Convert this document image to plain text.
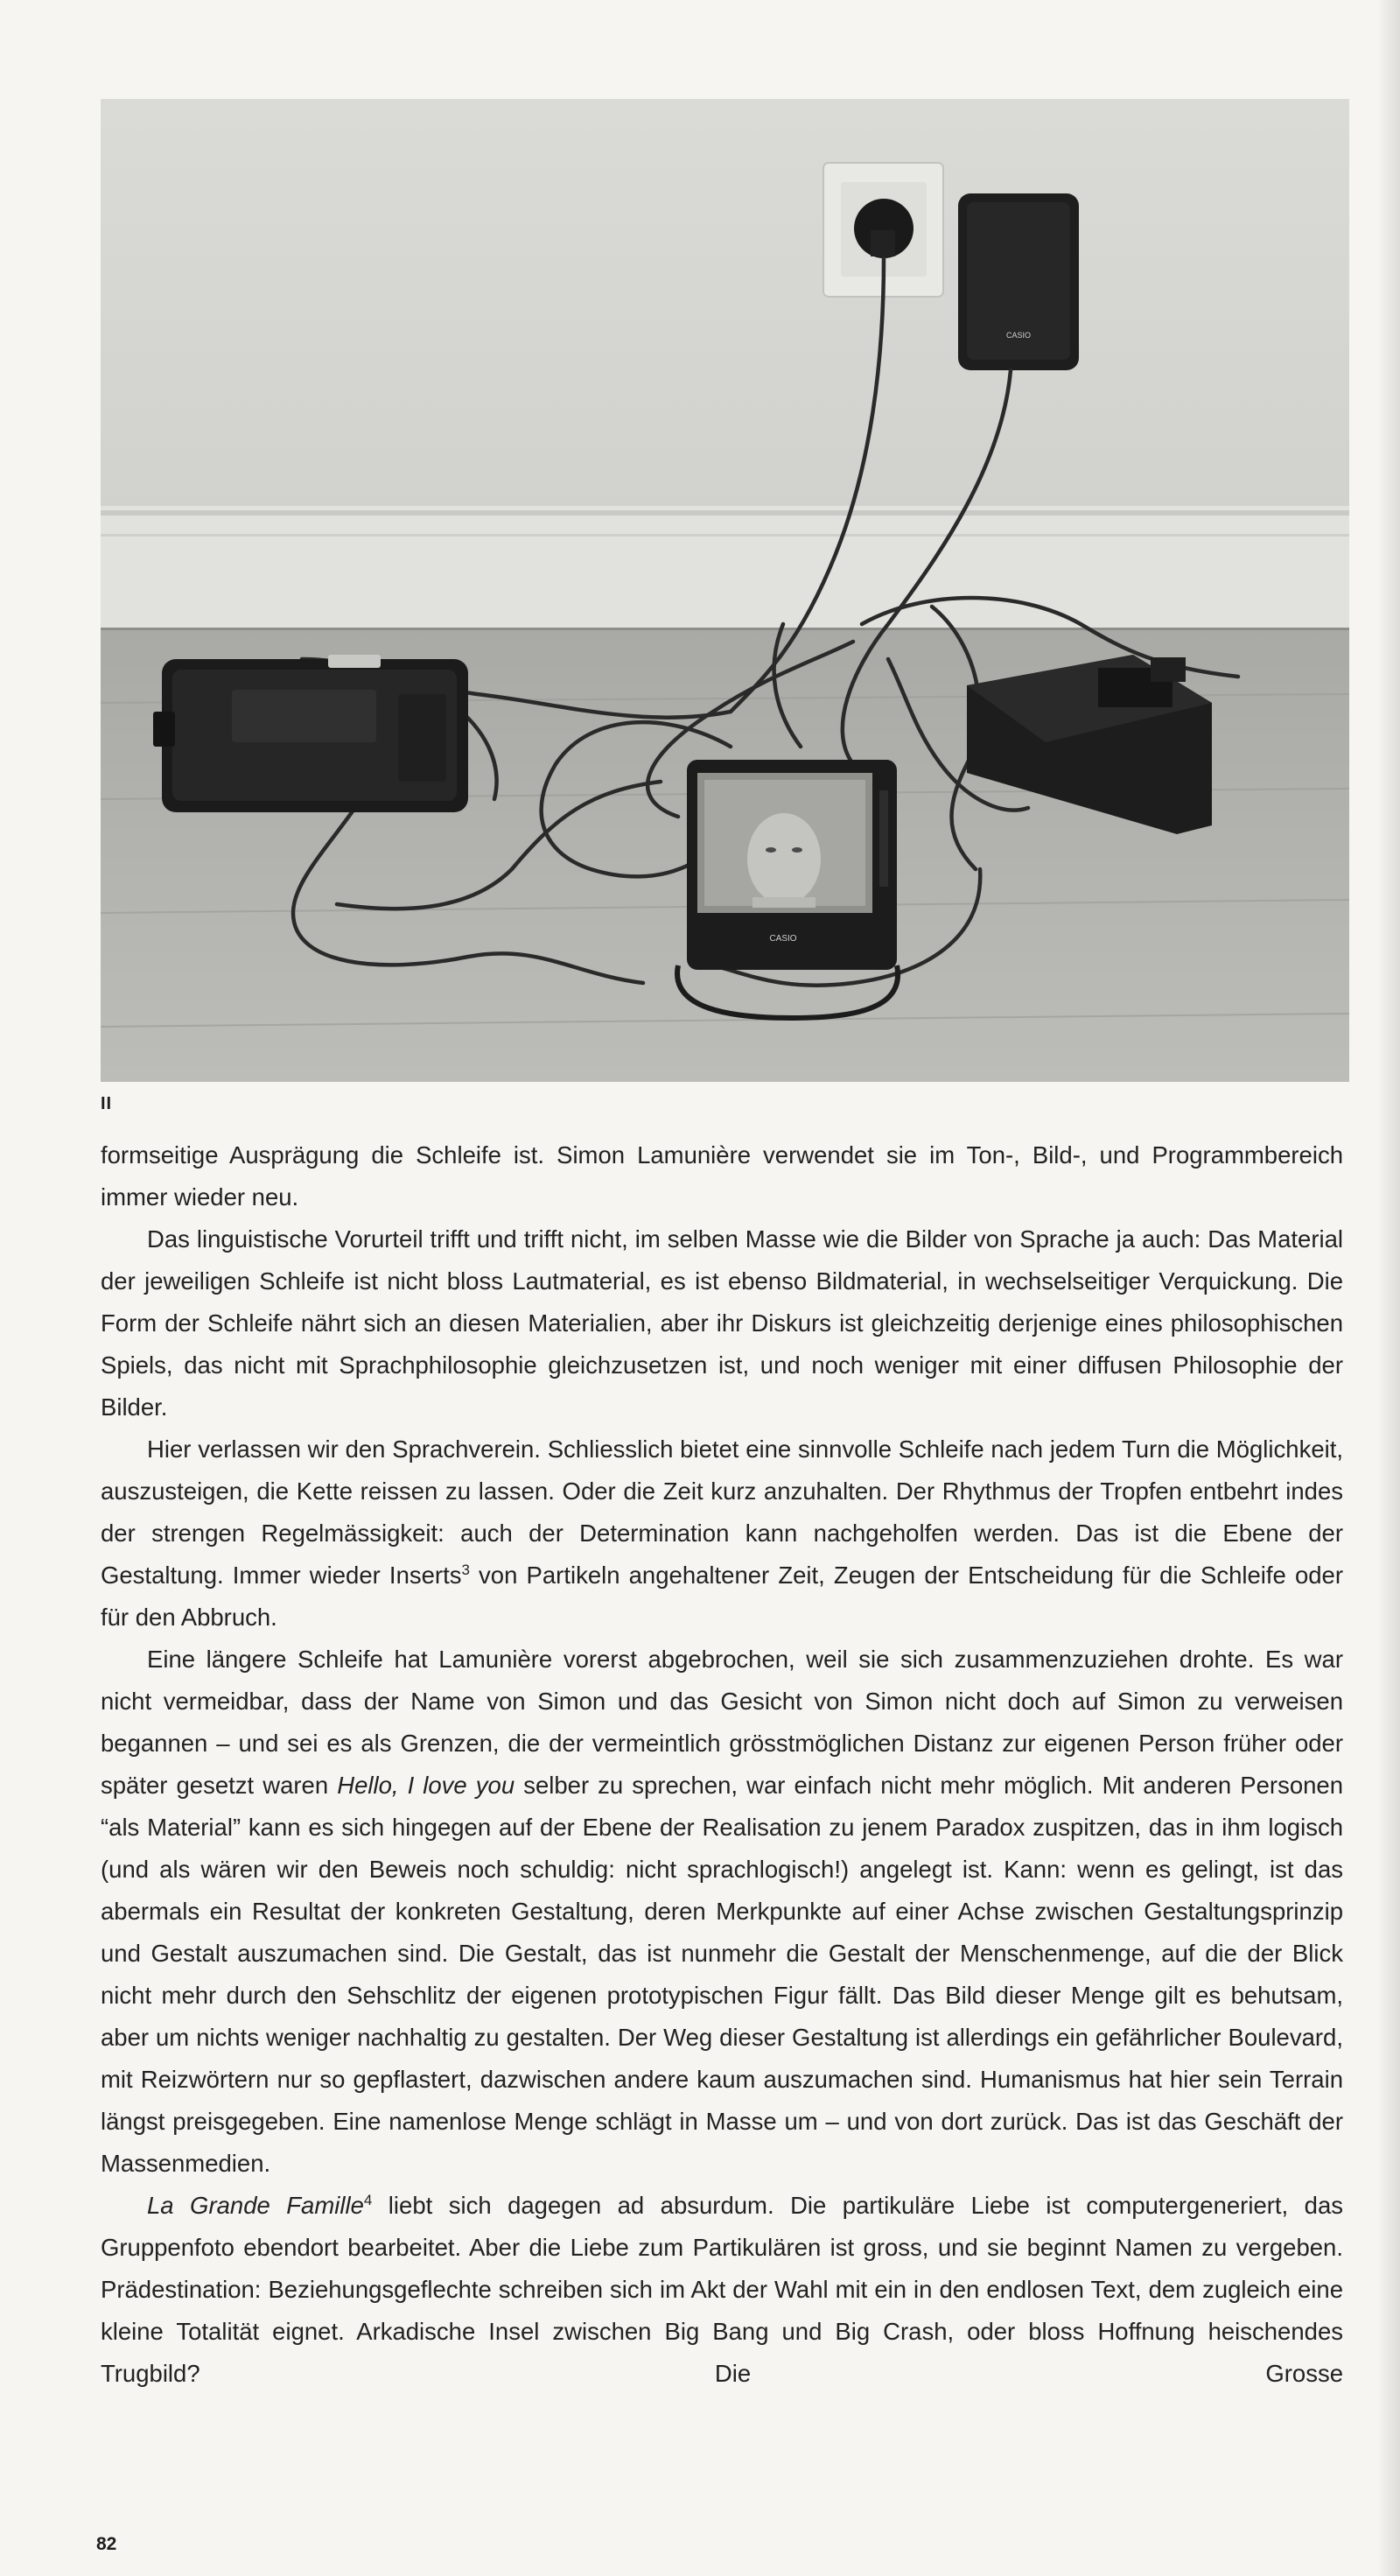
CASIO
CASIO
II

formseitige Ausprägung die Schleife ist. Simon Lamunière verwendet sie im Ton-, Bild-, und Programmbereich immer wieder neu.

Das linguistische Vorurteil trifft und trifft nicht, im selben Masse wie die Bilder von Sprache ja auch: Das Material der jeweiligen Schleife ist nicht bloss Lautmaterial, es ist ebenso Bildmaterial, in wechselseitiger Verquickung. Die Form der Schleife nährt sich an diesen Materialien, aber ihr Diskurs ist gleichzeitig derjenige eines philosophischen Spiels, das nicht mit Sprachphilosophie gleichzusetzen ist, und noch weniger mit einer diffusen Philosophie der Bilder.

Hier verlassen wir den Sprachverein. Schliesslich bietet eine sinnvolle Schleife nach jedem Turn die Möglichkeit, auszusteigen, die Kette reissen zu lassen. Oder die Zeit kurz anzuhalten. Der Rhythmus der Tropfen entbehrt indes der strengen Regelmässigkeit: auch der Determination kann nachgeholfen werden. Das ist die Ebene der Gestaltung. Immer wieder Inserts$^3$ von Partikeln angehaltener Zeit, Zeugen der Entscheidung für die Schleife oder für den Abbruch.

Eine längere Schleife hat Lamunière vorerst abgebrochen, weil sie sich zusammenzuziehen drohte. Es war nicht vermeidbar, dass der Name von Simon und das Gesicht von Simon nicht doch auf Simon zu verweisen begannen – und sei es als Grenzen, die der vermeintlich grösstmöglichen Distanz zur eigenen Person früher oder später gesetzt waren Hello, I love you selber zu sprechen, war einfach nicht mehr möglich. Mit anderen Personen “als Material” kann es sich hingegen auf der Ebene der Realisation zu jenem Paradox zuspitzen, das in ihm logisch (und als wären wir den Beweis noch schuldig: nicht sprachlogisch!) angelegt ist. Kann: wenn es gelingt, ist das abermals ein Resultat der konkreten Gestaltung, deren Merkpunkte auf einer Achse zwischen Gestaltungsprinzip und Gestalt auszumachen sind. Die Gestalt, das ist nunmehr die Gestalt der Menschenmenge, auf die der Blick nicht mehr durch den Sehschlitz der eigenen prototypischen Figur fällt. Das Bild dieser Menge gilt es behutsam, aber um nichts weniger nachhaltig zu gestalten. Der Weg dieser Gestaltung ist allerdings ein gefährlicher Boulevard, mit Reizwörtern nur so gepflastert, dazwischen andere kaum auszumachen sind. Humanismus hat hier sein Terrain längst preisgegeben. Eine namenlose Menge schlägt in Masse um – und von dort zurück. Das ist das Geschäft der Massenmedien.

La Grande Famille$^4$ liebt sich dagegen ad absurdum. Die partikuläre Liebe ist computergeneriert, das Gruppenfoto ebendort bearbeitet. Aber die Liebe zum Partikulären ist gross, und sie beginnt Namen zu vergeben. Prädestination: Beziehungsgeflechte schreiben sich im Akt der Wahl mit ein in den endlosen Text, dem zugleich eine kleine Totalität eignet. Arkadische Insel zwischen Big Bang und Big Crash, oder bloss Hoffnung heischendes Trugbild? Die Grosse

82
